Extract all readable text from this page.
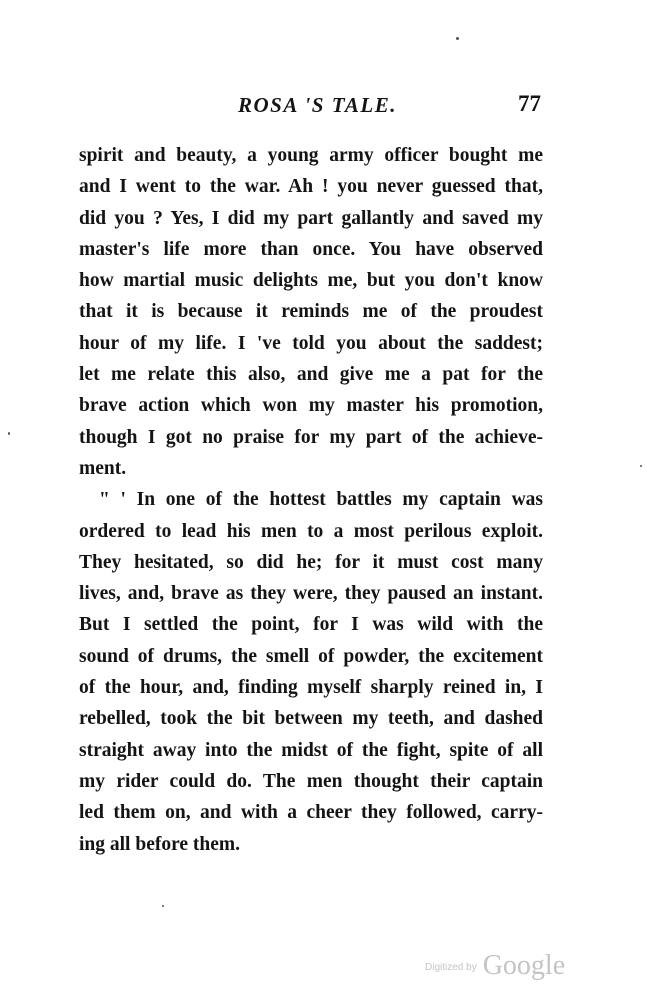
ROSA 'S TALE.	77
spirit and beauty, a young army officer bought me
and I went to the war. Ah ! you never guessed that,
did you ? Yes, I did my part gallantly and saved my
master's life more than once. You have observed
how martial music delights me, but you don't know
that it is because it reminds me of the proudest
hour of my life. I 've told you about the saddest;
let me relate this also, and give me a pat for the
brave action which won my master his promotion,
though I got no praise for my part of the achieve-
ment.
" ' In one of the hottest battles my captain was
ordered to lead his men to a most perilous exploit.
They hesitated, so did he; for it must cost many
lives, and, brave as they were, they paused an instant.
But I settled the point, for I was wild with the
sound of drums, the smell of powder, the excitement
of the hour, and, finding myself sharply reined in, I
rebelled, took the bit between my teeth, and dashed
straight away into the midst of the fight, spite of all
my rider could do. The men thought their captain
led them on, and with a cheer they followed, carry-
ing all before them.
$^{Digitized by}$ Google
